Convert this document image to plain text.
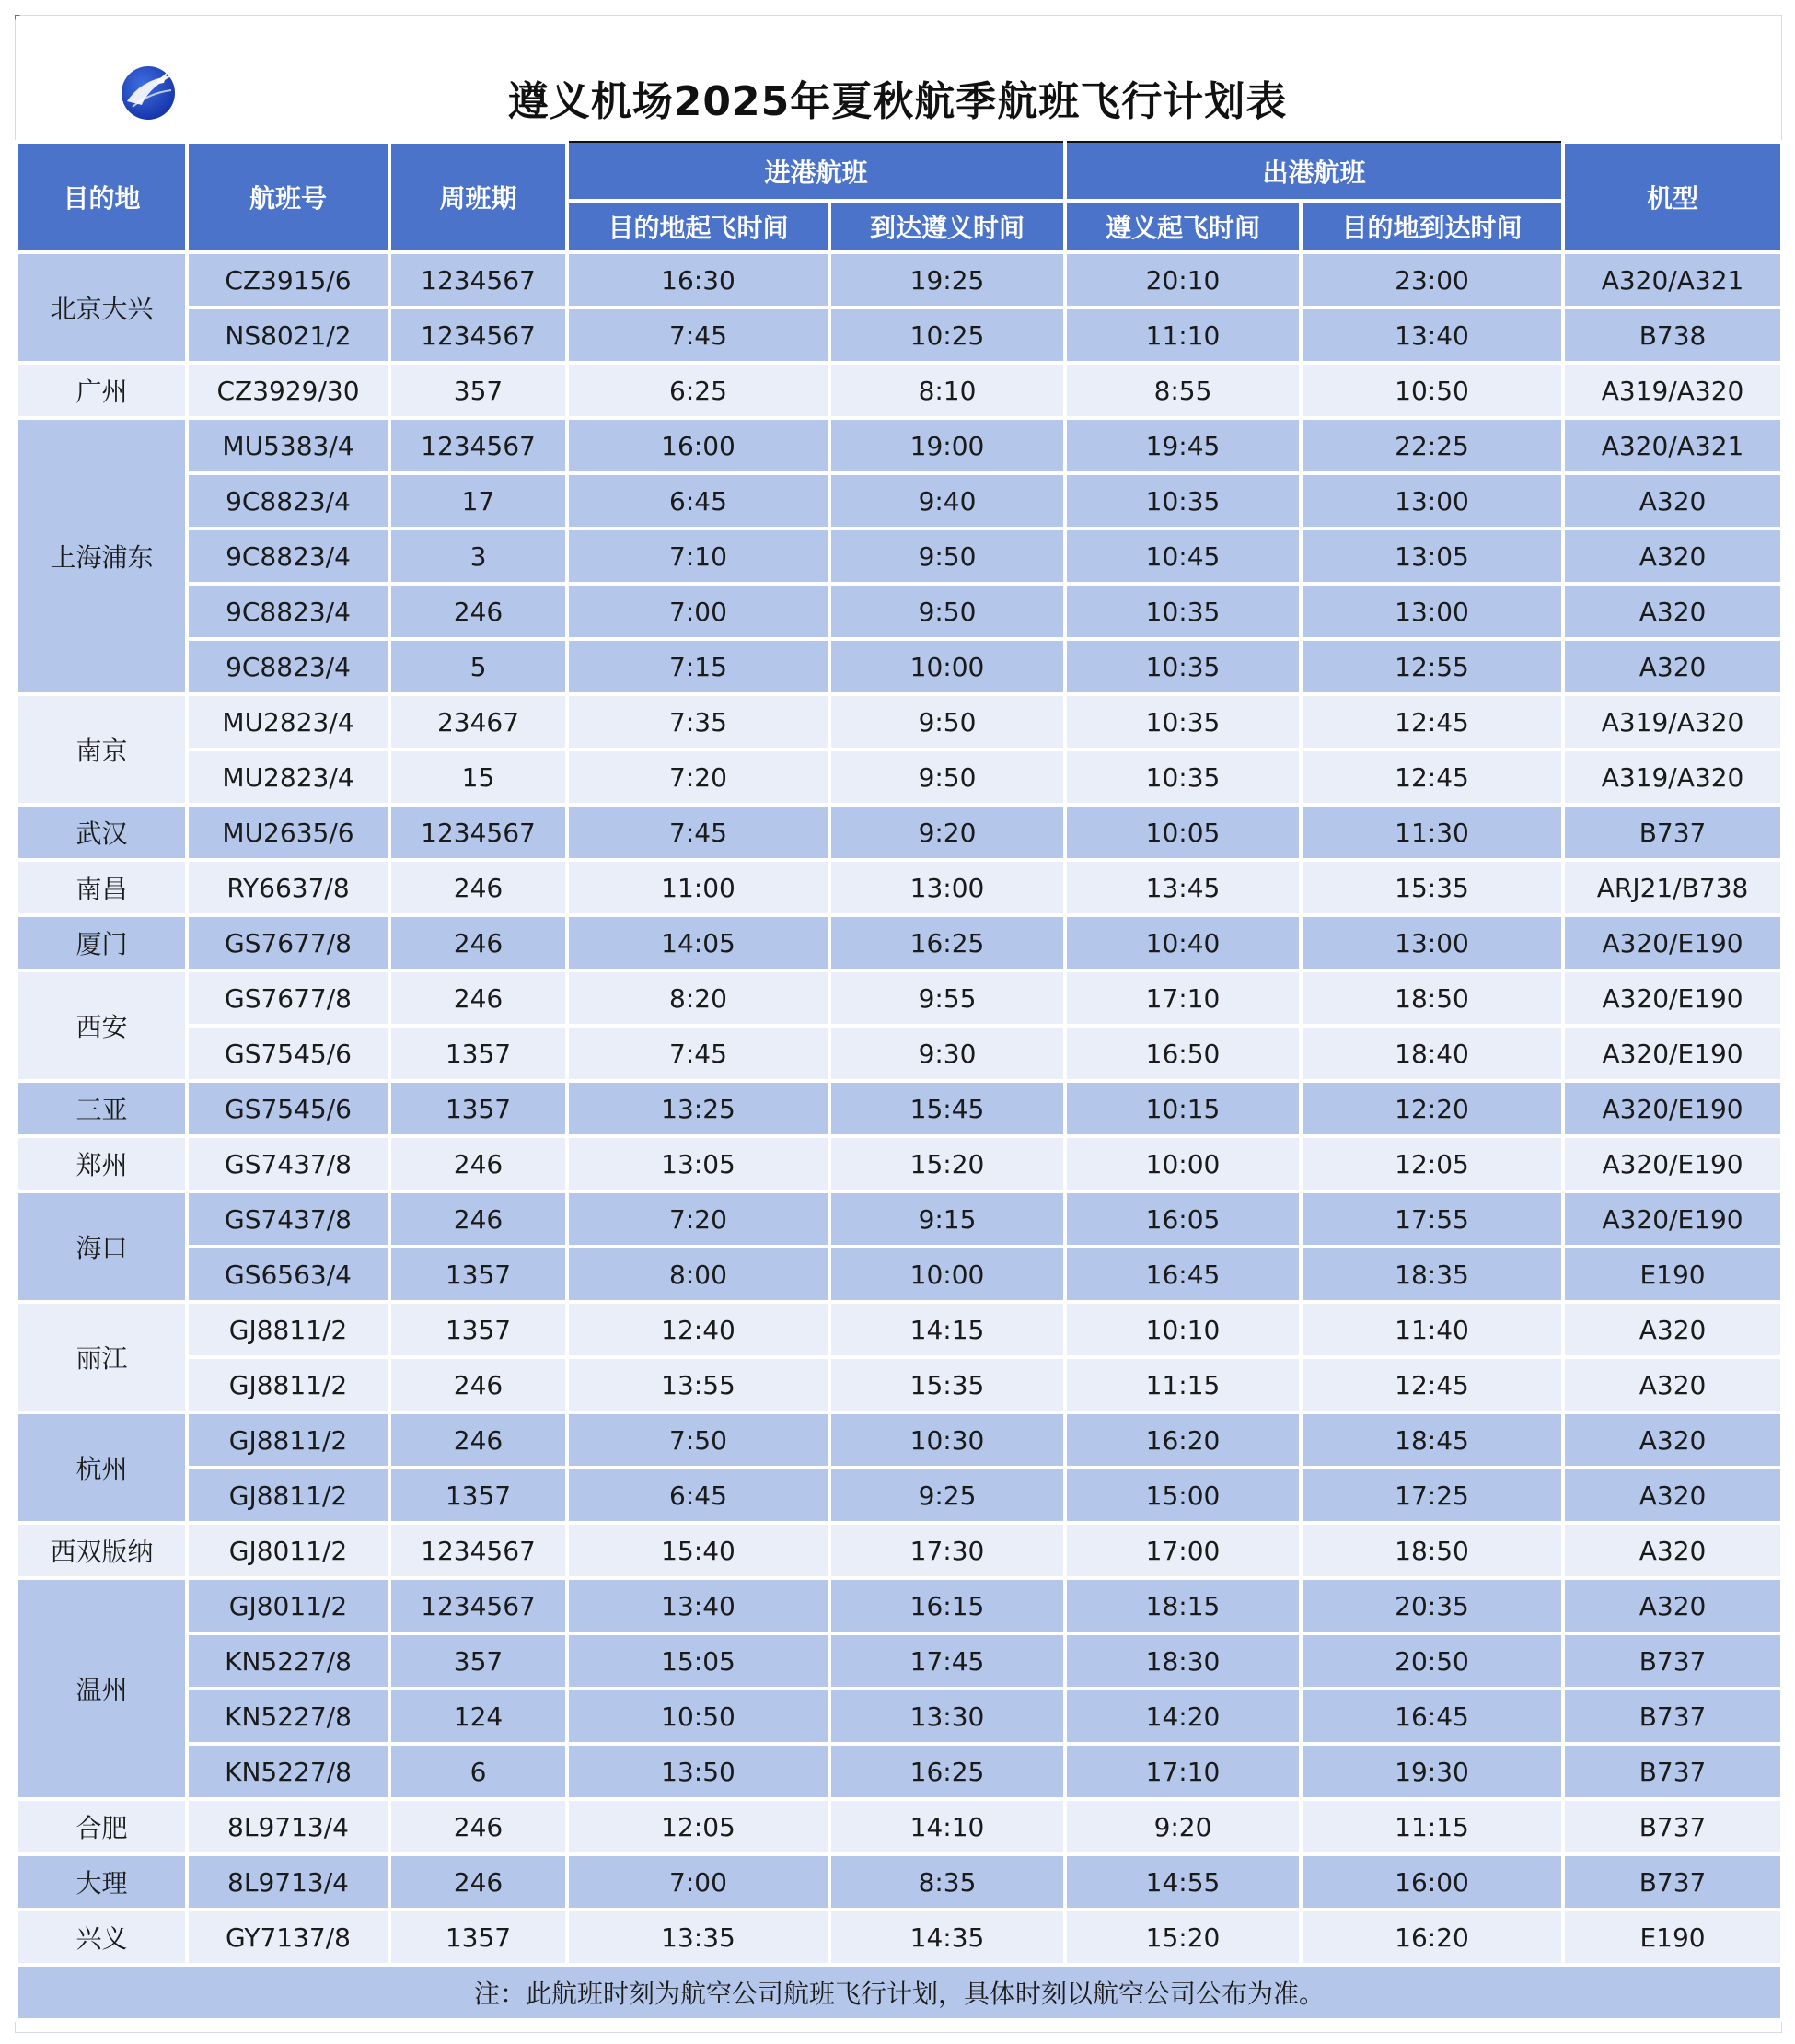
遵义机场2025年夏秋航季航班飞行计划表
目的地	航班号	周班期	进港航班		出港航班		机型
			目的地起飞时间	到达遵义时间	遵义起飞时间	目的地到达时间	
北京大兴	CZ3915/6	1234567	16:30	19:25	20:10	23:00	A320/A321
	NS8021/2	1234567	7:45	10:25	11:10	13:40	B738
广州	CZ3929/30	357	6:25	8:10	8:55	10:50	A319/A320
上海浦东	MU5383/4	1234567	16:00	19:00	19:45	22:25	A320/A321
	9C8823/4	17	6:45	9:40	10:35	13:00	A320
	9C8823/4	3	7:10	9:50	10:45	13:05	A320
	9C8823/4	246	7:00	9:50	10:35	13:00	A320
	9C8823/4	5	7:15	10:00	10:35	12:55	A320
南京	MU2823/4	23467	7:35	9:50	10:35	12:45	A319/A320
	MU2823/4	15	7:20	9:50	10:35	12:45	A319/A320
武汉	MU2635/6	1234567	7:45	9:20	10:05	11:30	B737
南昌	RY6637/8	246	11:00	13:00	13:45	15:35	ARJ21/B738
厦门	GS7677/8	246	14:05	16:25	10:40	13:00	A320/E190
西安	GS7677/8	246	8:20	9:55	17:10	18:50	A320/E190
	GS7545/6	1357	7:45	9:30	16:50	18:40	A320/E190
三亚	GS7545/6	1357	13:25	15:45	10:15	12:20	A320/E190
郑州	GS7437/8	246	13:05	15:20	10:00	12:05	A320/E190
海口	GS7437/8	246	7:20	9:15	16:05	17:55	A320/E190
	GS6563/4	1357	8:00	10:00	16:45	18:35	E190
丽江	GJ8811/2	1357	12:40	14:15	10:10	11:40	A320
	GJ8811/2	246	13:55	15:35	11:15	12:45	A320
杭州	GJ8811/2	246	7:50	10:30	16:20	18:45	A320
	GJ8811/2	1357	6:45	9:25	15:00	17:25	A320
西双版纳	GJ8011/2	1234567	15:40	17:30	17:00	18:50	A320
温州	GJ8011/2	1234567	13:40	16:15	18:15	20:35	A320
	KN5227/8	357	15:05	17:45	18:30	20:50	B737
	KN5227/8	124	10:50	13:30	14:20	16:45	B737
	KN5227/8	6	13:50	16:25	17:10	19:30	B737
合肥	8L9713/4	246	12:05	14:10	9:20	11:15	B737
大理	8L9713/4	246	7:00	8:35	14:55	16:00	B737
兴义	GY7137/8	1357	13:35	14:35	15:20	16:20	E190
注：此航班时刻为航空公司航班飞行计划，具体时刻以航空公司公布为准。							
